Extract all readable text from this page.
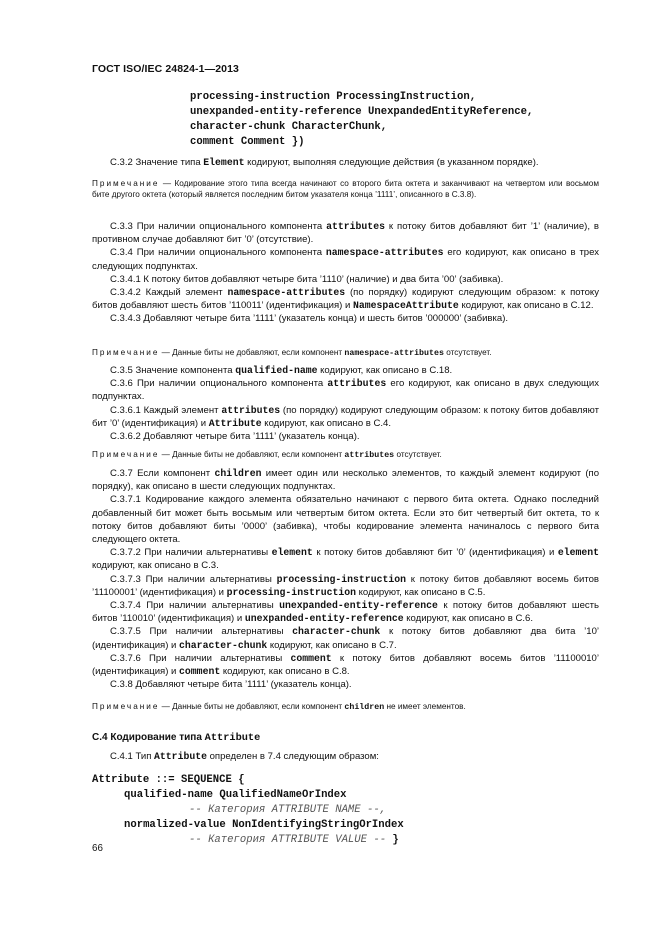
ГОСТ ISO/IEC 24824-1—2013
processing-instruction ProcessingInstruction,
unexpanded-entity-reference UnexpandedEntityReference,
character-chunk CharacterChunk,
comment Comment })

С.3.2 Значение типа Element кодируют, выполняя следующие действия (в указанном порядке).

Примечание — Кодирование этого типа всегда начинают со второго бита октета и заканчивают на четвертом или восьмом бите другого октета (который является последним битом указателя конца ’1111’, описанного в С.3.8).

С.3.3 При наличии опционального компонента attributes к потоку битов добавляют бит ’1’ (наличие), в противном случае добавляют бит ’0’ (отсутствие).

С.3.4 При наличии опционального компонента namespace-attributes его кодируют, как описано в трех следующих подпунктах.

С.3.4.1 К потоку битов добавляют четыре бита ’1110’ (наличие) и два бита ’00’ (забивка).

С.3.4.2 Каждый элемент namespace-attributes (по порядку) кодируют следующим образом: к потоку битов добавляют шесть битов ’110011’ (идентификация) и NamespaceAttribute кодируют, как описано в С.12.

С.3.4.3 Добавляют четыре бита ’1111’ (указатель конца) и шесть битов ’000000’ (забивка).

Примечание — Данные биты не добавляют, если компонент namespace-attributes отсутствует.

С.3.5 Значение компонента qualified-name кодируют, как описано в С.18.

С.3.6 При наличии опционального компонента attributes его кодируют, как описано в двух следующих подпунктах.

С.3.6.1 Каждый элемент attributes (по порядку) кодируют следующим образом: к потоку битов добавляют бит ’0’ (идентификация) и Attribute кодируют, как описано в С.4.

С.3.6.2 Добавляют четыре бита ’1111’ (указатель конца).

Примечание — Данные биты не добавляют, если компонент attributes отсутствует.

С.3.7 Если компонент children имеет один или несколько элементов, то каждый элемент кодируют (по порядку), как описано в шести следующих подпунктах.

С.3.7.1 Кодирование каждого элемента обязательно начинают с первого бита октета. Однако последний добавленный бит может быть восьмым или четвертым битом октета. Если это бит четвертый бит октета, то к потоку битов добавляют биты ’0000’ (забивка), чтобы кодирование элемента начиналось с первого бита следующего октета.

С.3.7.2 При наличии альтернативы element к потоку битов добавляют бит ’0’ (идентификация) и element кодируют, как описано в С.3.

С.3.7.3 При наличии альтернативы processing-instruction к потоку битов добавляют восемь битов ’11100001’ (идентификация) и processing-instruction кодируют, как описано в С.5.

С.3.7.4 При наличии альтернативы unexpanded-entity-reference к потоку битов добавляют шесть битов ’110010’ (идентификация) и unexpanded-entity-reference кодируют, как описано в С.6.

С.3.7.5 При наличии альтернативы character-chunk к потоку битов добавляют два бита ’10’ (идентификация) и character-chunk кодируют, как описано в С.7.

С.3.7.6 При наличии альтернативы comment к потоку битов добавляют восемь битов ’11100010’ (идентификация) и comment кодируют, как описано в С.8.

С.3.8 Добавляют четыре бита ’1111’ (указатель конца).

Примечание — Данные биты не добавляют, если компонент children не имеет элементов.
С.4 Кодирование типа Attribute

С.4.1 Тип Attribute определен в 7.4 следующим образом:

Attribute ::= SEQUENCE {
qualified-name QualifiedNameOrIndex
-- Категория ATTRIBUTE NAME --,
normalized-value NonIdentifyingStringOrIndex
-- Категория ATTRIBUTE VALUE -- }
66
